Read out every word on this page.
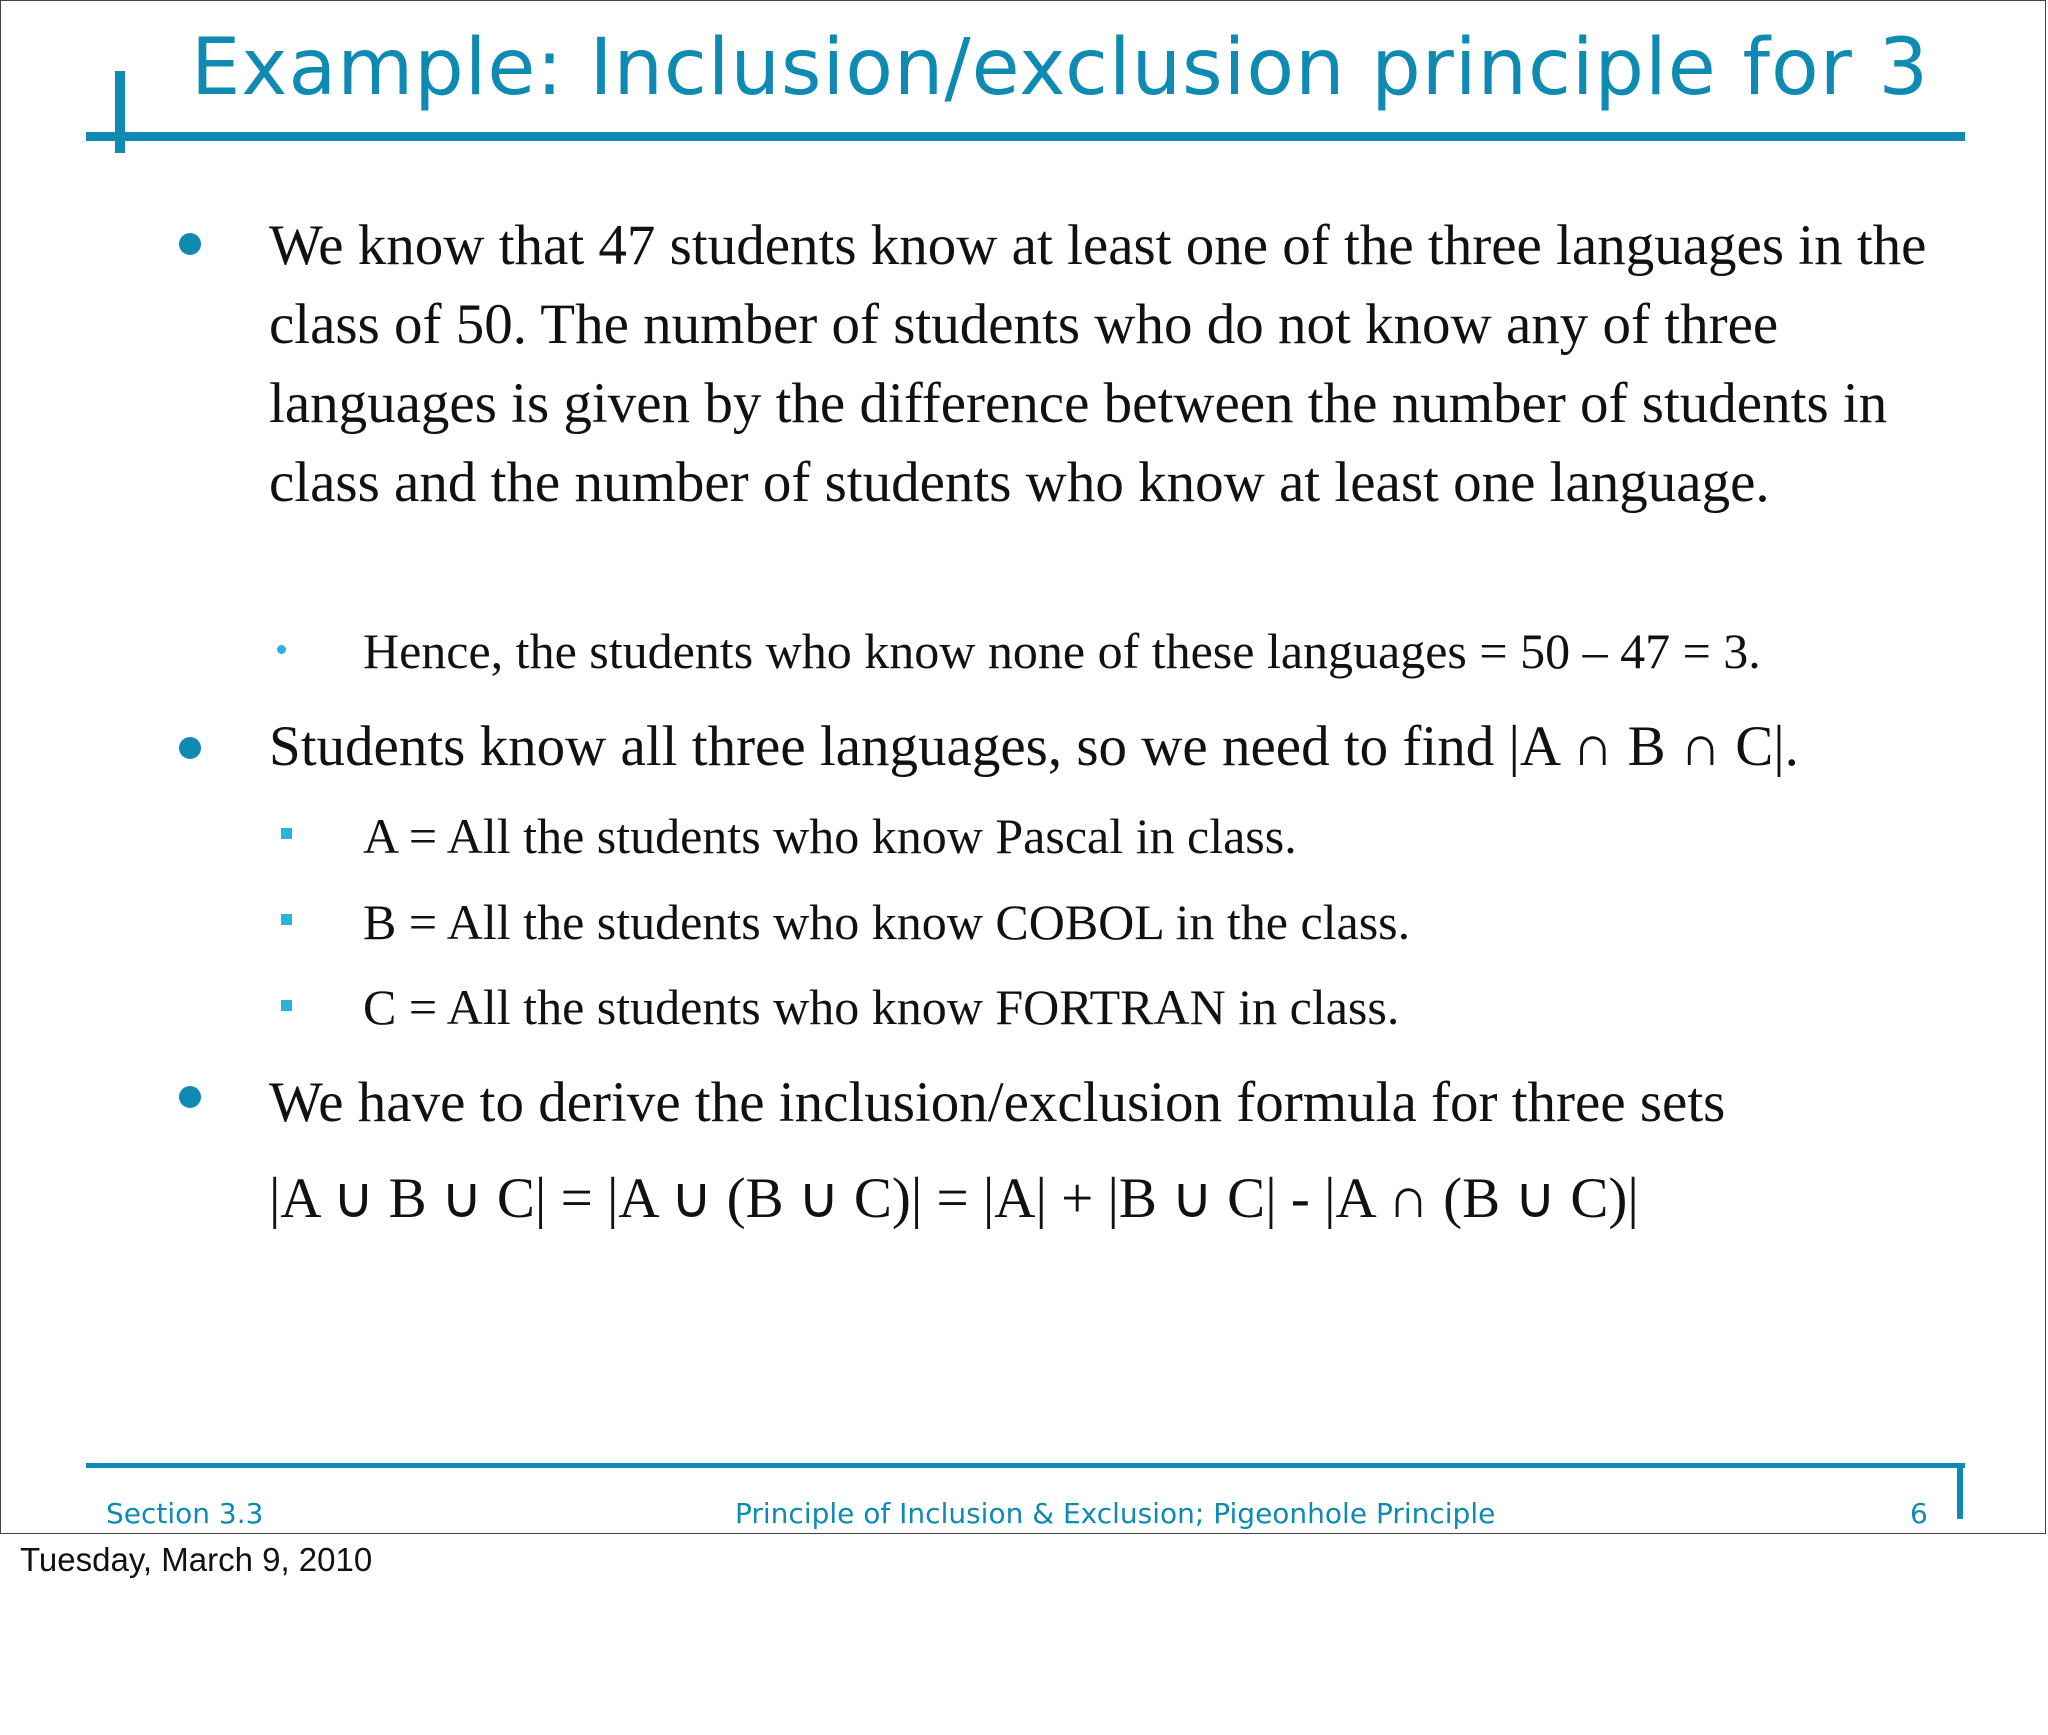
Example: Inclusion/exclusion principle for 3
We know that 47 students know at least one of the three languages in the class of 50. The number of students who do not know any of three languages is given by the difference between the number of students in class and the number of students who know at least one language.
Hence, the students who know none of these languages = 50 – 47 = 3.
Students know all three languages, so we need to find |A ∩ B ∩ C|.
A = All the students who know Pascal in class.
B = All the students who know COBOL in the class.
C = All the students who know FORTRAN in class.
We have to derive the inclusion/exclusion formula for three sets
|A ∪ B ∪ C| = |A ∪ (B ∪ C)| = |A| + |B ∪ C| - |A ∩ (B ∪ C)|
Section 3.3	Principle of Inclusion & Exclusion; Pigeonhole Principle	6
Tuesday, March 9, 2010
